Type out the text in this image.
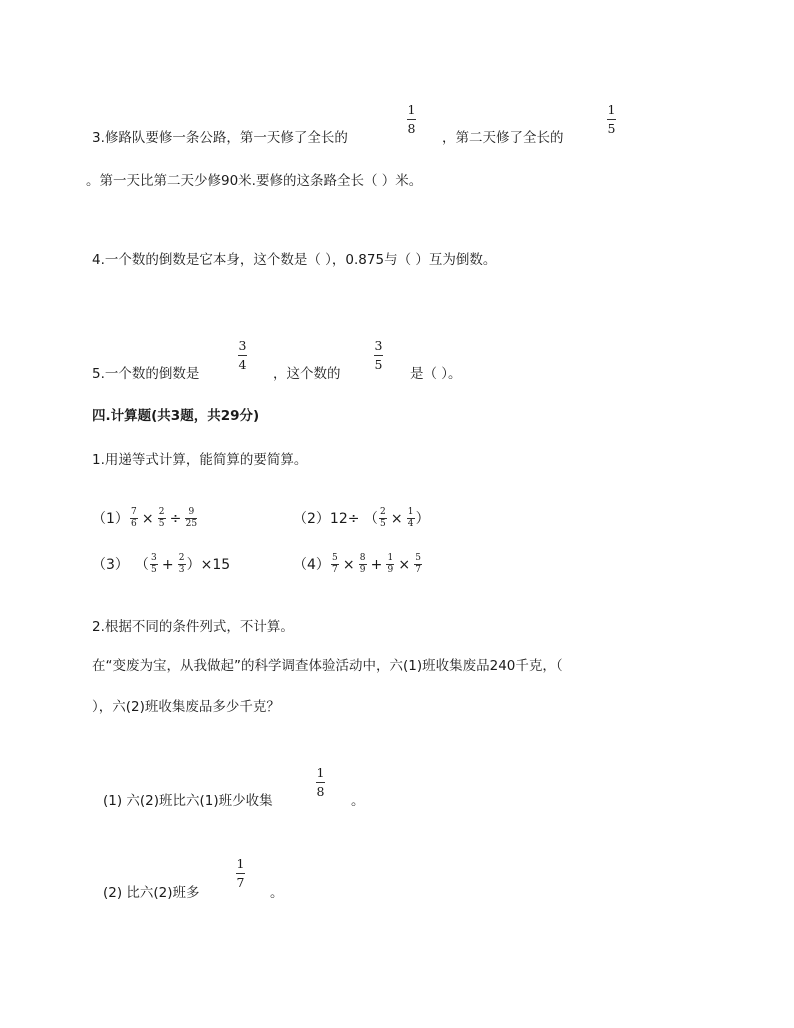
3.修路队要修一条公路，第一天修了全长的
1
8
，第二天修了全长的
1
5
。第一天比第二天少修90米.要修的这条路全长（ ）米。
4.一个数的倒数是它本身，这个数是（ ），0.875与（ ）互为倒数。
5.一个数的倒数是
3
4
，这个数的
3
5
是（ ）。
四.计算题(共3题，共29分)
1.用递等式计算，能简算的要简算。
（1） 7
6 × 2
5 ÷ 9
25	（2） 12÷ （ 2
5 × 1
4 ）
（3） （ 3
5 + 2
3 ）×15	（4） 5
7 × 8
9 + 1
9 × 5
7
2.根据不同的条件列式，不计算。
在“变废为宝，从我做起”的科学调查体验活动中，六(1)班收集废品240千克，（
），六(2)班收集废品多少千克？
(1) 六(2)班比六(1)班少收集
1
8
。
(2) 比六(2)班多
1
7
。
